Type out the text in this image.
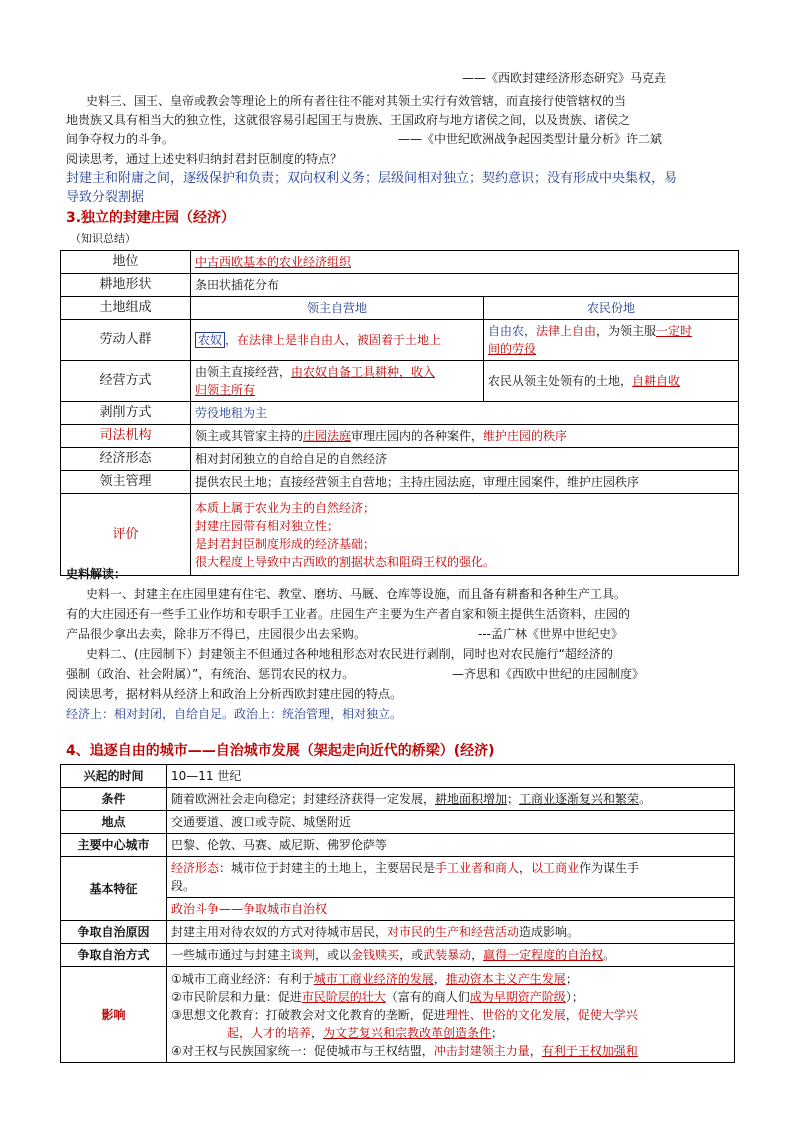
——《西欧封建经济形态研究》马克垚
史料三、国王、皇帝或教会等理论上的所有者往往不能对其领土实行有效管辖，而直接行使管辖权的当
地贵族又具有相当大的独立性，这就很容易引起国王与贵族、王国政府与地方诸侯之间，以及贵族、诸侯之
间争夺权力的斗争。	——《中世纪欧洲战争起因类型计量分析》许二斌
阅读思考，通过上述史料归纳封君封臣制度的特点？
封建主和附庸之间，逐级保护和负责；双向权利义务；层级间相对独立；契约意识；没有形成中央集权，易
导致分裂割据
3.独立的封建庄园（经济）
（知识总结）
地位	中古西欧基本的农业经济组织	
耕地形状	条田状插花分布	
土地组成	领主自营地	农民份地
劳动人群	农奴 ，在法律上是非自由人，被固着于土地上	自由农，法律上自由，为领主服一定时
间的劳役
经营方式	由领主直接经营，由农奴自备工具耕种，收入
归领主所有	农民从领主处领有的土地，自耕自收
剥削方式	劳役地租为主	
司法机构	领主或其管家主持的庄园法庭审理庄园内的各种案件，维护庄园的秩序	
经济形态	相对封闭独立的自给自足的自然经济	
领主管理	提供农民土地；直接经营领主自营地；主持庄园法庭，审理庄园案件，维护庄园秩序	
评价	本质上属于农业为主的自然经济；
封建庄园带有相对独立性；
是封君封臣制度形成的经济基础；
很大程度上导致中古西欧的割据状态和阻碍王权的强化。	
史料解读：
史料一、封建主在庄园里建有住宅、教堂、磨坊、马厩、仓库等设施，而且备有耕畜和各种生产工具。
有的大庄园还有一些手工业作坊和专职手工业者。庄园生产主要为生产者自家和领主提供生活资料，庄园的
产品很少拿出去卖，除非万不得已，庄园很少出去采购。	---孟广林《世界中世纪史》
史料二、(庄园制下）封建领主不但通过各种地租形态对农民进行剥削，同时也对农民施行“超经济的
强制（政治、社会附属）”，有统治、惩罚农民的权力。	—齐思和《西欧中世纪的庄园制度》
阅读思考，据材料从经济上和政治上分析西欧封建庄园的特点。
经济上：相对封闭，自给自足。政治上：统治管理，相对独立。
4、追逐自由的城市——自治城市发展（架起走向近代的桥梁）(经济)
兴起的时间	10—11 世纪
条件	随着欧洲社会走向稳定；封建经济获得一定发展，耕地面积增加；工商业逐渐复兴和繁荣。
地点	交通要道、渡口或寺院、城堡附近
主要中心城市	巴黎、伦敦、马赛、威尼斯、佛罗伦萨等
基本特征	经济形态：城市位于封建主的土地上，主要居民是手工业者和商人，以工商业作为谋生手
段。
	政治斗争——争取城市自治权
争取自治原因	封建主用对待农奴的方式对待城市居民，对市民的生产和经营活动造成影响。
争取自治方式	一些城市通过与封建主谈判，或以金钱赎买，或武装暴动，赢得一定程度的自治权。
影响	①城市工商业经济：有利于城市工商业经济的发展，推动资本主义产生发展；
②市民阶层和力量：促进市民阶层的壮大（富有的商人们成为早期资产阶级）；
③思想文化教育：打破教会对文化教育的垄断，促进理性、世俗的文化发展，促使大学兴
起，人才的培养，为文艺复兴和宗教改革创造条件；
④对王权与民族国家统一：促使城市与王权结盟，冲击封建领主力量，有利于王权加强和
